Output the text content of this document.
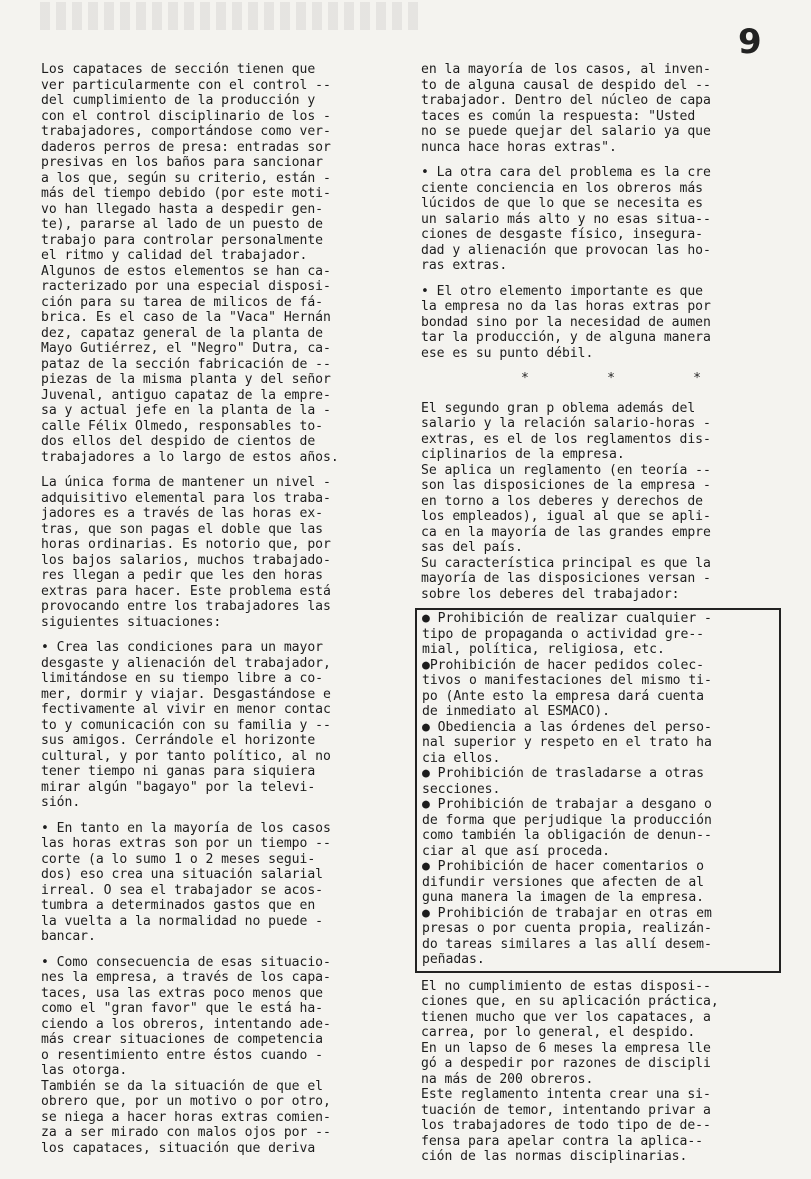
9

Los capataces de sección tienen que
ver particularmente con el control --
del cumplimiento de la producción y
con el control disciplinario de los -
trabajadores, comportándose como ver-
daderos perros de presa: entradas sor
presivas en los baños para sancionar
a los que, según su criterio, están -
más del tiempo debido (por este moti-
vo han llegado hasta a despedir gen-
te), pararse al lado de un puesto de
trabajo para controlar personalmente
el ritmo y calidad del trabajador.
Algunos de estos elementos se han ca-
racterizado por una especial disposi-
ción para su tarea de milicos de fá-
brica. Es el caso de la "Vaca" Hernán
dez, capataz general de la planta de
Mayo Gutiérrez, el "Negro" Dutra, ca-
pataz de la sección fabricación de --
piezas de la misma planta y del señor
Juvenal, antiguo capataz de la empre-
sa y actual jefe en la planta de la -
calle Félix Olmedo, responsables to-
dos ellos del despido de cientos de
trabajadores a lo largo de estos años.

La única forma de mantener un nivel -
adquisitivo elemental para los traba-
jadores es a través de las horas ex-
tras, que son pagas el doble que las
horas ordinarias. Es notorio que, por
los bajos salarios, muchos trabajado-
res llegan a pedir que les den horas
extras para hacer. Este problema está
provocando entre los trabajadores las
siguientes situaciones:

• Crea las condiciones para un mayor
desgaste y alienación del trabajador,
limitándose en su tiempo libre a co-
mer, dormir y viajar. Desgastándose e
fectivamente al vivir en menor contac
to y comunicación con su familia y --
sus amigos. Cerrándole el horizonte
cultural, y por tanto político, al no
tener tiempo ni ganas para siquiera
mirar algún "bagayo" por la televi-
sión.

• En tanto en la mayoría de los casos
las horas extras son por un tiempo --
corte (a lo sumo 1 o 2 meses segui-
dos) eso crea una situación salarial
irreal. O sea el trabajador se acos-
tumbra a determinados gastos que en
la vuelta a la normalidad no puede -
bancar.

• Como consecuencia de esas situacio-
nes la empresa, a través de los capa-
taces, usa las extras poco menos que
como el "gran favor" que le está ha-
ciendo a los obreros, intentando ade-
más crear situaciones de competencia
o resentimiento entre éstos cuando -
las otorga.
También se da la situación de que el
obrero que, por un motivo o por otro,
se niega a hacer horas extras comien-
za a ser mirado con malos ojos por --
los capataces, situación que deriva

en la mayoría de los casos, al inven-
to de alguna causal de despido del --
trabajador. Dentro del núcleo de capa
taces es común la respuesta: "Usted
no se puede quejar del salario ya que
nunca hace horas extras".

• La otra cara del problema es la cre
ciente conciencia en los obreros más
lúcidos de que lo que se necesita es
un salario más alto y no esas situa--
ciones de desgaste físico, insegura-
dad y alienación que provocan las ho-
ras extras.

• El otro elemento importante es que
la empresa no da las horas extras por
bondad sino por la necesidad de aumen
tar la producción, y de alguna manera
ese es su punto débil.

*	*	*

El segundo gran p oblema además del
salario y la relación salario-horas -
extras, es el de los reglamentos dis-
ciplinarios de la empresa.

Se aplica un reglamento (en teoría --
son las disposiciones de la empresa -
en torno a los deberes y derechos de
los empleados), igual al que se apli-
ca en la mayoría de las grandes empre
sas del país.

Su característica principal es que la
mayoría de las disposiciones versan -
sobre los deberes del trabajador:

● Prohibición de realizar cualquier -
tipo de propaganda o actividad gre--
mial, política, religiosa, etc.
●Prohibición de hacer pedidos colec-
tivos o manifestaciones del mismo ti-
po (Ante esto la empresa dará cuenta
de inmediato al ESMACO).
● Obediencia a las órdenes del perso-
nal superior y respeto en el trato ha
cia ellos.
● Prohibición de trasladarse a otras
secciones.
● Prohibición de trabajar a desgano o
de forma que perjudique la producción
como también la obligación de denun--
ciar al que así proceda.
● Prohibición de hacer comentarios o
difundir versiones que afecten de al
guna manera la imagen de la empresa.
● Prohibición de trabajar en otras em
presas o por cuenta propia, realizán-
do tareas similares a las allí desem-
peñadas.

El no cumplimiento de estas disposi--
ciones que, en su aplicación práctica,
tienen mucho que ver los capataces, a
carrea, por lo general, el despido.

En un lapso de 6 meses la empresa lle
gó a despedir por razones de discipli
na más de 200 obreros.

Este reglamento intenta crear una si-
tuación de temor, intentando privar a
los trabajadores de todo tipo de de--
fensa para apelar contra la aplica--
ción de las normas disciplinarias.
